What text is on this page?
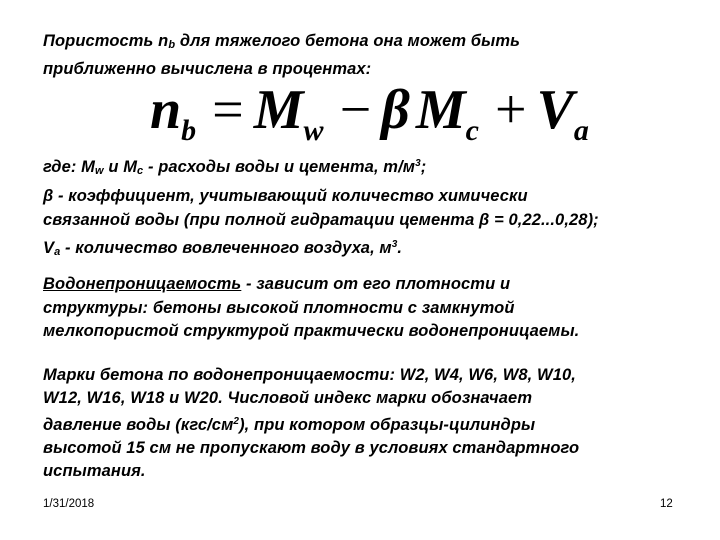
Пористость $n_b$ для тяжелого бетона она может быть
приближенно вычислена в процентах:
nb = Mw − β Mc + Va
где: $M_w$ и $M_c$ - расходы воды и цемента, $т/м^3$;
β - коэффициент, учитывающий количество химически
связанной воды (при полной гидратации цемента β = 0,22...0,28);
$V_a$ - количество вовлеченного воздуха, $м^3$.
Водонепроницаемость - зависит от его плотности и
структуры: бетоны высокой плотности с замкнутой
мелкопористой структурой практически водонепроницаемы.
Марки бетона по водонепроницаемости: W2, W4, W6, W8, W10,
W12, W16, W18 и W20. Числовой индекс марки обозначает
давление воды $(кгс/см^2)$, при котором образцы-цилиндры
высотой 15 см не пропускают воду в условиях стандартного
испытания.
1/31/2018	12
